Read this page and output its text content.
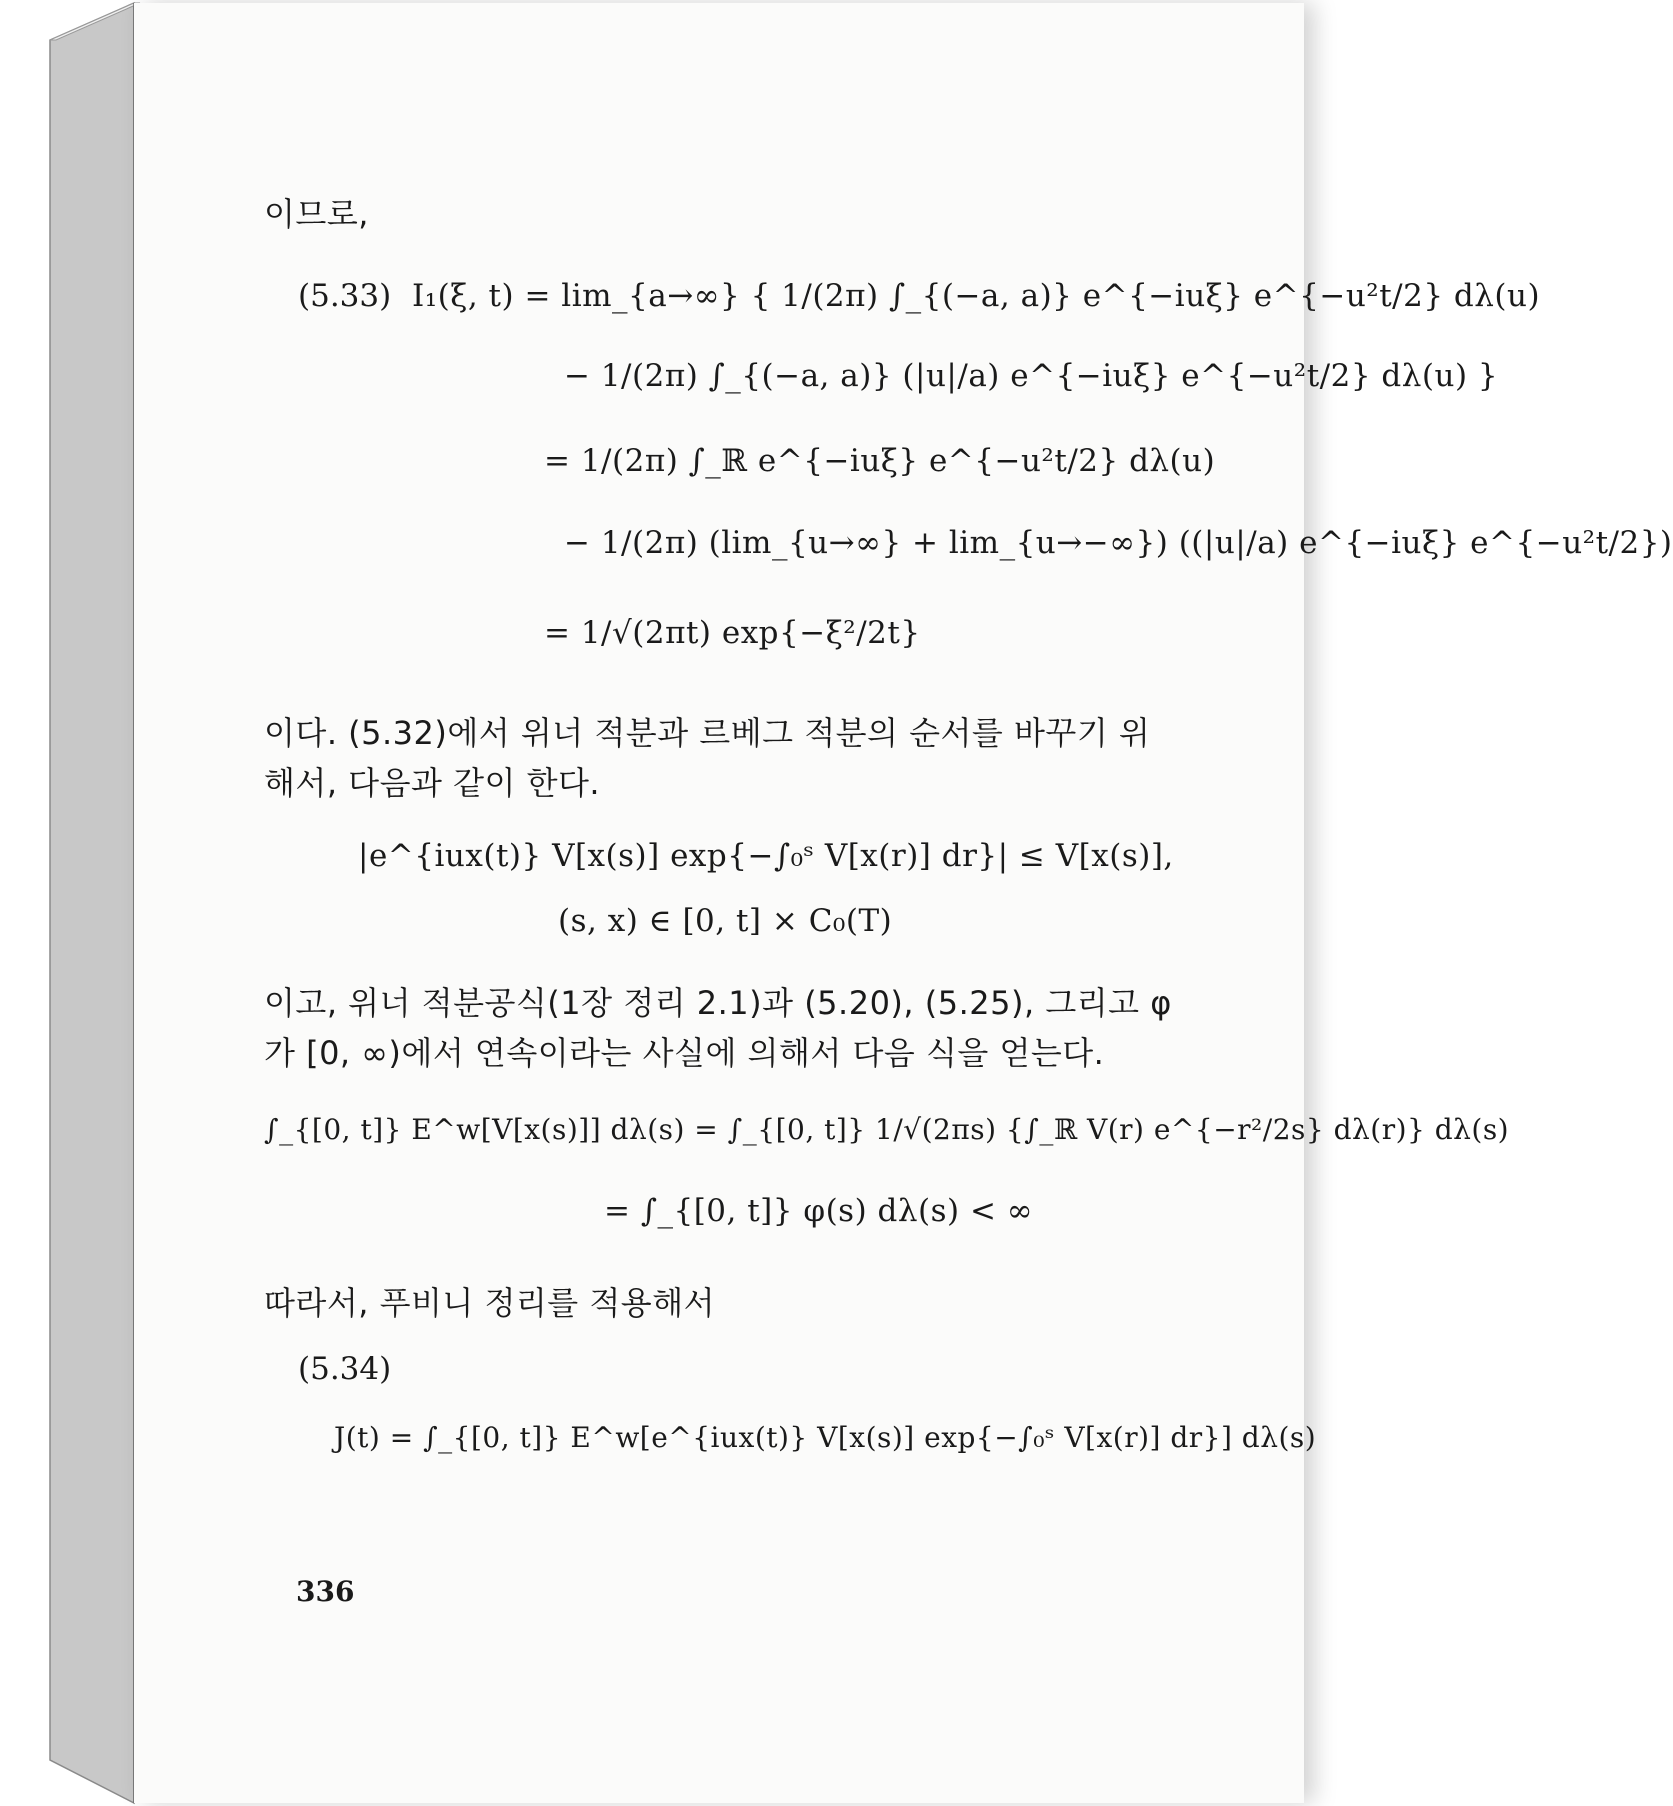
이므로,
(5.33) I₁(ξ, t) = lim_{a→∞} { 1/(2π) ∫_{(−a, a)} e^{−iuξ} e^{−u²t/2} dλ(u)
− 1/(2π) ∫_{(−a, a)} (|u|/a) e^{−iuξ} e^{−u²t/2} dλ(u) }
= 1/(2π) ∫_ℝ e^{−iuξ} e^{−u²t/2} dλ(u)
− 1/(2π) (lim_{u→∞} + lim_{u→−∞}) ((|u|/a) e^{−iuξ} e^{−u²t/2})
= 1/√(2πt) exp{−ξ²/2t}
이다. (5.32)에서 위너 적분과 르베그 적분의 순서를 바꾸기 위
해서, 다음과 같이 한다.
|e^{iux(t)} V[x(s)] exp{−∫₀ˢ V[x(r)] dr}| ≤ V[x(s)],
(s, x) ∈ [0, t] × C₀(T)
이고, 위너 적분공식(1장 정리 2.1)과 (5.20), (5.25), 그리고 φ
가 [0, ∞)에서 연속이라는 사실에 의해서 다음 식을 얻는다.
∫_{[0, t]} E^w[V[x(s)]] dλ(s) = ∫_{[0, t]} 1/√(2πs) {∫_ℝ V(r) e^{−r²/2s} dλ(r)} dλ(s)
= ∫_{[0, t]} φ(s) dλ(s) < ∞
따라서, 푸비니 정리를 적용해서
(5.34)
J(t) = ∫_{[0, t]} E^w[e^{iux(t)} V[x(s)] exp{−∫₀ˢ V[x(r)] dr}] dλ(s)
336
